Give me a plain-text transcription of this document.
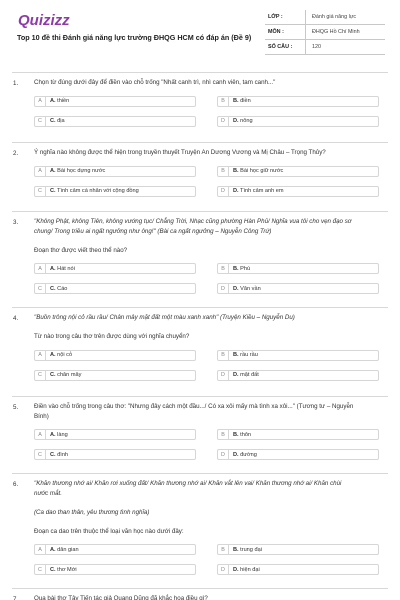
Quizizz
Top 10 đề thi Đánh giá năng lực trường ĐHQG HCM có đáp án (Đề 9)
LỚP :	Đánh giá năng lực
MÔN :	ĐHQG Hồ Chí Minh
SỐ CÂU :	120
1.	Chọn từ đúng dưới đây để điền vào chỗ trống "Nhất canh trì, nhì canh viên, tam canh..."
A	A. thiền	B	B. điền
C	C. địa	D	D. nông
2.	Ý nghĩa nào không được thể hiện trong truyền thuyết Truyện An Dương Vương và Mị Châu – Trọng Thủy?
A	A. Bài học dựng nước	B	B. Bài học giữ nước
C	C. Tình cảm cá nhân với cộng đồng	D	D. Tình cảm anh em
3.	"Không Phật, không Tiên, không vướng tục/ Chẳng Trời, Nhạc cũng phường Hàn Phủ/ Nghĩa vua tôi cho vẹn đạo sơ
chung/ Trong triều ai ngất ngưởng như ông!" (Bài ca ngất ngưởng – Nguyễn Công Trứ)
Đoạn thơ được viết theo thể nào?
A	A. Hát nói	B	B. Phú
C	C. Cáo	D	D. Văn vần
4.	"Buồn trông nội cỏ rầu rầu/ Chân mây mặt đất một màu xanh xanh" (Truyện Kiều – Nguyễn Du)
Từ nào trong câu thơ trên được dùng với nghĩa chuyển?
A	A. nội cỏ	B	B. rầu rầu
C	C. chân mây	D	D. mặt đất
5.	Điền vào chỗ trống trong câu thơ: "Nhưng đây cách một đầu.../ Có xa xôi mấy mà tình xa xôi..." (Tương tư – Nguyễn
Bính)
A	A. làng	B	B. thôn
C	C. đình	D	D. đường
6.	"Khăn thương nhớ ai/ Khăn rơi xuống đất/ Khăn thương nhớ ai/ Khăn vắt lên vai/ Khăn thương nhớ ai/ Khăn chùi
nước mắt.
(Ca dao than thân, yêu thương tình nghĩa)
Đoạn ca dao trên thuộc thể loại văn học nào dưới đây:
A	A. dân gian	B	B. trung đại
C	C. thơ Mới	D	D. hiện đại
7.	Qua bài thơ Tây Tiến tác giả Quang Dũng đã khắc họa điều gì?
